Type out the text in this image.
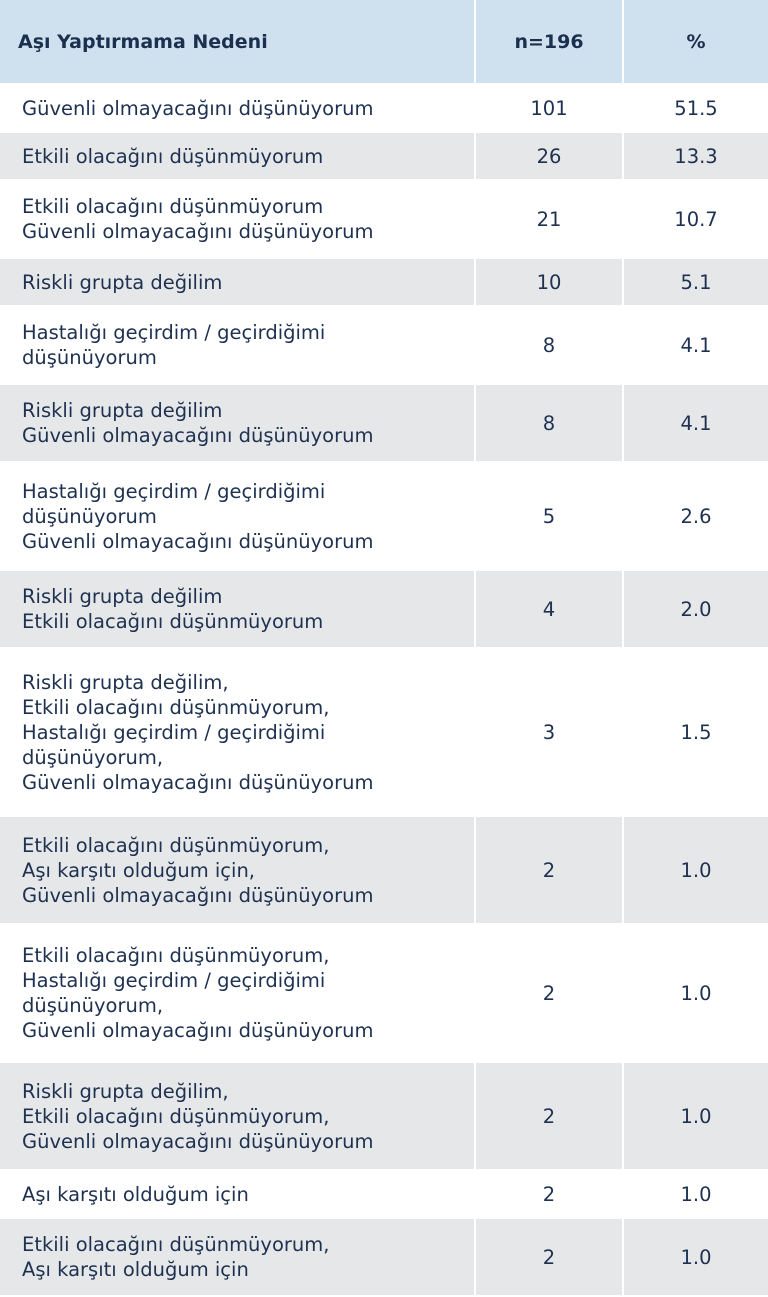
Aşı Yaptırmama Nedeni	n=196	%
Güvenli olmayacağını düşünüyorum	101	51.5
Etkili olacağını düşünmüyorum	26	13.3
Etkili olacağını düşünmüyorum
Güvenli olmayacağını düşünüyorum
21	10.7
Riskli grupta değilim	10	5.1
Hastalığı geçirdim / geçirdiğimi
düşünüyorum
8	4.1
Riskli grupta değilim
Güvenli olmayacağını düşünüyorum
8	4.1
Hastalığı geçirdim / geçirdiğimi
düşünüyorum
Güvenli olmayacağını düşünüyorum
5	2.6
Riskli grupta değilim
Etkili olacağını düşünmüyorum
4	2.0
Riskli grupta değilim,
Etkili olacağını düşünmüyorum,
Hastalığı geçirdim / geçirdiğimi
düşünüyorum,
Güvenli olmayacağını düşünüyorum
3	1.5
Etkili olacağını düşünmüyorum,
Aşı karşıtı olduğum için,
Güvenli olmayacağını düşünüyorum
2	1.0
Etkili olacağını düşünmüyorum,
Hastalığı geçirdim / geçirdiğimi
düşünüyorum,
Güvenli olmayacağını düşünüyorum
2	1.0
Riskli grupta değilim,
Etkili olacağını düşünmüyorum,
Güvenli olmayacağını düşünüyorum
2	1.0
Aşı karşıtı olduğum için	2	1.0
Etkili olacağını düşünmüyorum,
Aşı karşıtı olduğum için
2	1.0
